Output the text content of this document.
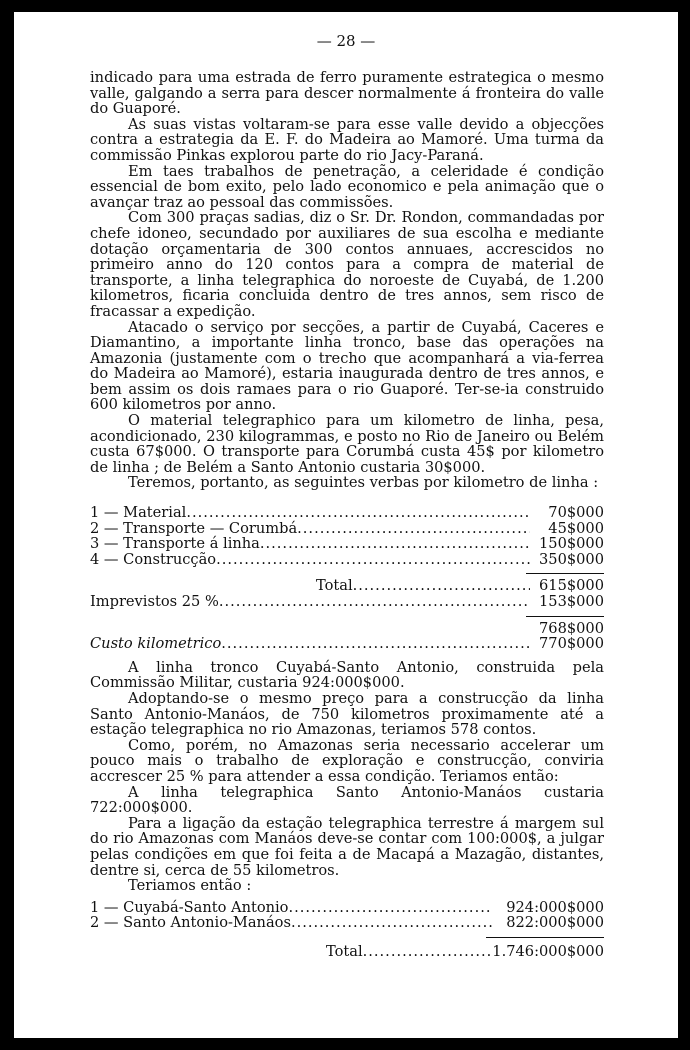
— 28 —

indicado para uma estrada de ferro puramente estrategica o mesmo valle, galgando a serra para descer normalmente á fronteira do valle do Guaporé.

As suas vistas voltaram-se para esse valle devido a objecções contra a estrategia da E. F. do Madeira ao Mamoré. Uma turma da commissão Pinkas explorou parte do rio Jacy-Paraná.

Em taes trabalhos de penetração, a celeridade é condição essencial de bom exito, pelo lado economico e pela animação que o avançar traz ao pessoal das commissões.

Com 300 praças sadias, diz o Sr. Dr. Rondon, commandadas por chefe idoneo, secundado por auxiliares de sua escolha e mediante dotação orçamentaria de 300 contos annuaes, accrescidos no primeiro anno do 120 contos para a compra de material de transporte, a linha telegraphica do noroeste de Cuyabá, de 1.200 kilometros, ficaria concluida dentro de tres annos, sem risco de fracassar a expedição.

Atacado o serviço por secções, a partir de Cuyabá, Caceres e Diamantino, a importante linha tronco, base das operações na Amazonia (justamente com o trecho que acompanhará a via-ferrea do Madeira ao Mamoré), estaria inaugurada dentro de tres annos, e bem assim os dois ramaes para o rio Guaporé. Ter-se-ia construido 600 kilometros por anno.

O material telegraphico para um kilometro de linha, pesa, acondicionado, 230 kilogrammas, e posto no Rio de Janeiro ou Belém custa 67$000. O transporte para Corumbá custa 45$ por kilometro de linha ; de Belém a Santo Antonio custaria 30$000.

Teremos, portanto, as seguintes verbas por kilometro de linha :

1 — Material .....	70$000
2 — Transporte — Corumbá .....	45$000
3 — Transporte á linha .....	150$000
4 — Construcção .....	350$000
Total .....	615$000
Imprevistos 25 % .....	153$000
768$000
Custo kilometrico .....	770$000

A linha tronco Cuyabá-Santo Antonio, construida pela Commissão Militar, custaria 924:000$000.

Adoptando-se o mesmo preço para a construcção da linha Santo Antonio-Manáos, de 750 kilometros proximamente até a estação telegraphica no rio Amazonas, teriamos 578 contos.

Como, porém, no Amazonas seria necessario accelerar um pouco mais o trabalho de exploração e construcção, conviria accrescer 25 % para attender a essa condição. Teriamos então:

A linha telegraphica Santo Antonio-Manáos custaria 722:000$000.

Para a ligação da estação telegraphica terrestre á margem sul do rio Amazonas com Manáos deve-se contar com 100:000$, a julgar pelas condições em que foi feita a de Macapá a Mazagão, distantes, dentre si, cerca de 55 kilometros.

Teriamos então :

1 — Cuyabá-Santo Antonio .....	924:000$000
2 — Santo Antonio-Manáos .....	822:000$000
Total .....	1.746:000$000
